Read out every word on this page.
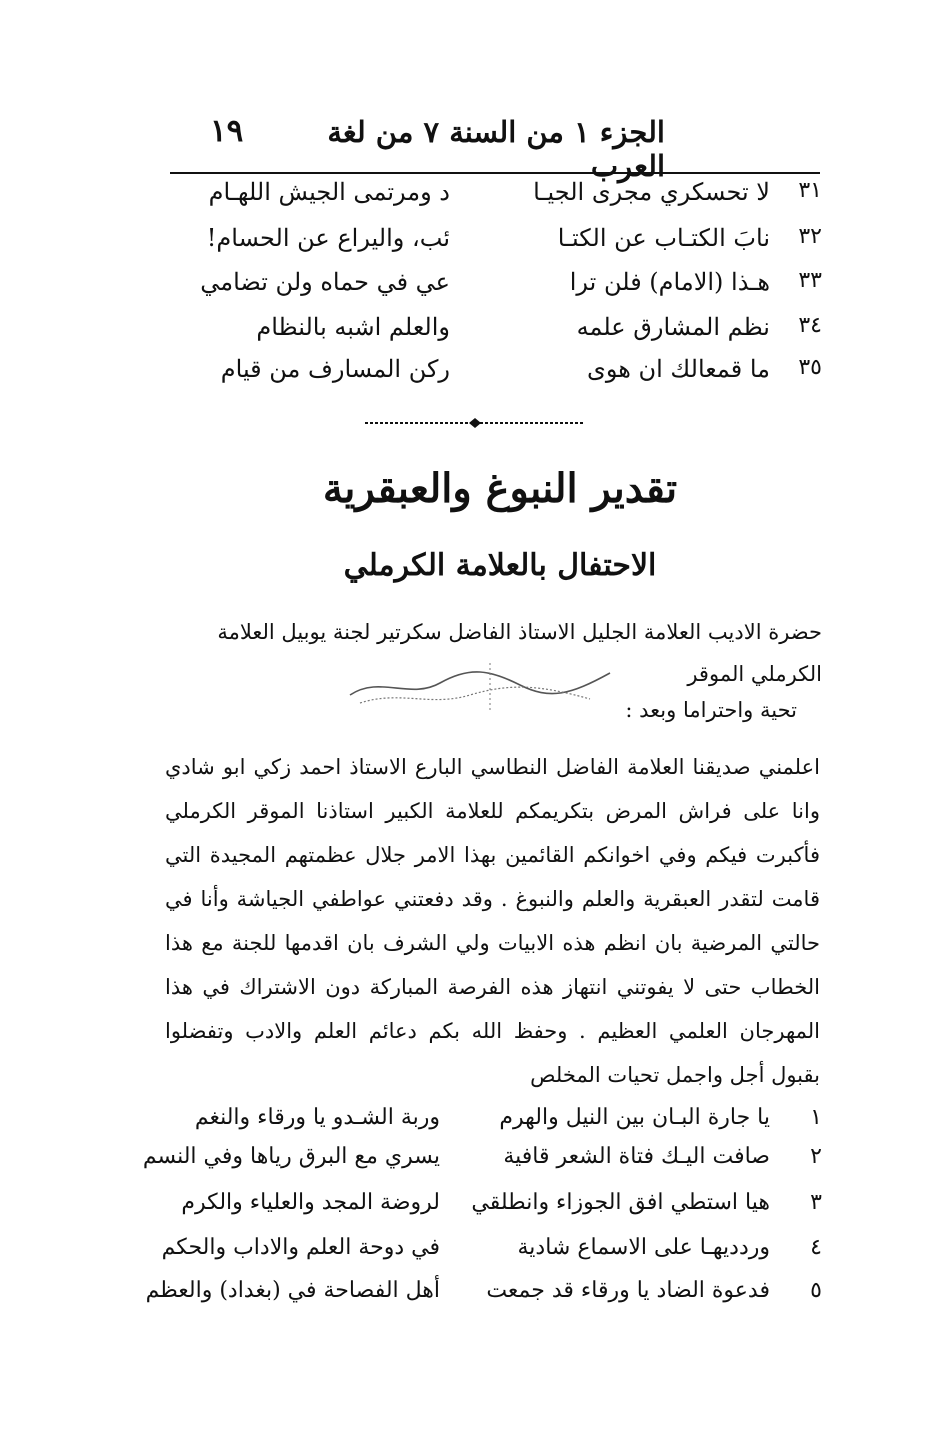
الجزء ١ من السنة ٧ من لغة العرب
١٩
٣١
لا تحسكري مجرى الجيـا
د ومرتمى الجيش اللهـام
٣٢
نابَ الكتـاب عن الكتـا
ئب، واليراع عن الحسام!
٣٣
هـذا (الامام) فلن ترا
عي في حماه ولن تضامي
٣٤
نظم المشارق علمه
والعلم اشبه بالنظام
٣٥
ما قمعالك ان هوى
ركن المسارف من قيام
تقدير النبوغ والعبقرية
الاحتفال بالعلامة الكرملي
حضرة الاديب العلامة الجليل الاستاذ الفاضل سكرتير لجنة يوبيل العلامة
الكرملي الموقر
تحية واحتراما وبعد :
اعلمني صديقنا العلامة الفاضل النطاسي البارع الاستاذ احمد زكي ابو شادي وانا على فراش المرض بتكريمكم للعلامة الكبير استاذنا الموقر الكرملي فأكبرت فيكم وفي اخوانكم القائمين بهذا الامر جلال عظمتهم المجيدة التي قامت لتقدر العبقرية والعلم والنبوغ . وقد دفعتني عواطفي الجياشة وأنا في حالتي المرضية بان انظم هذه الابيات ولي الشرف بان اقدمها للجنة مع هذا الخطاب حتى لا يفوتني انتهاز هذه الفرصة المباركة دون الاشتراك في هذا المهرجان العلمي العظيم . وحفظ الله بكم دعائم العلم والادب وتفضلوا بقبول أجل واجمل تحيات المخلص
١
يا جارة البـان بين النيل والهرم
وربة الشـدو يا ورقاء والنغم
٢
صافت اليـك فتاة الشعر قافية
يسري مع البرق رياها وفي النسم
٣
هيا استطي افق الجوزاء وانطلقي
لروضة المجد والعلياء والكرم
٤
ورددیهـا على الاسماع شادية
في دوحة العلم والاداب والحكم
٥
فدعوة الضاد يا ورقاء قد جمعت
أهل الفصاحة في (بغداد) والعظم
